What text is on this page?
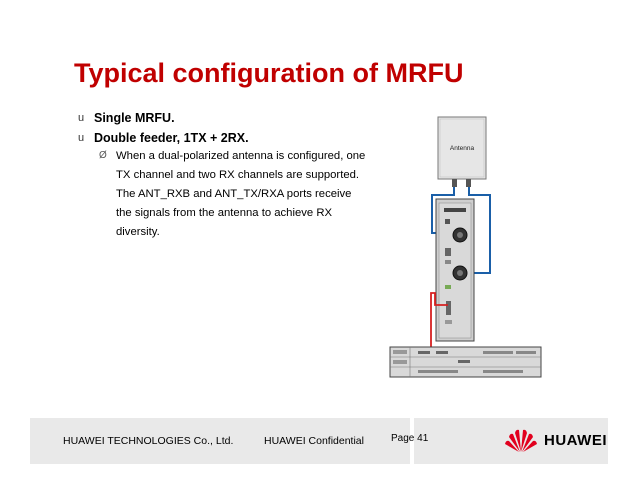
Typical configuration of MRFU
u Single MRFU.
u Double feeder, 1TX + 2RX.
Ø When a dual-polarized antenna is configured, one
TX channel and two RX channels are supported.
The ANT_RXB and ANT_TX/RXA ports receive
the signals from the antenna to achieve RX
diversity.
Antenna
HUAWEI TECHNOLOGIES Co., Ltd.	HUAWEI Confidential	Page 41	HUAWEI
